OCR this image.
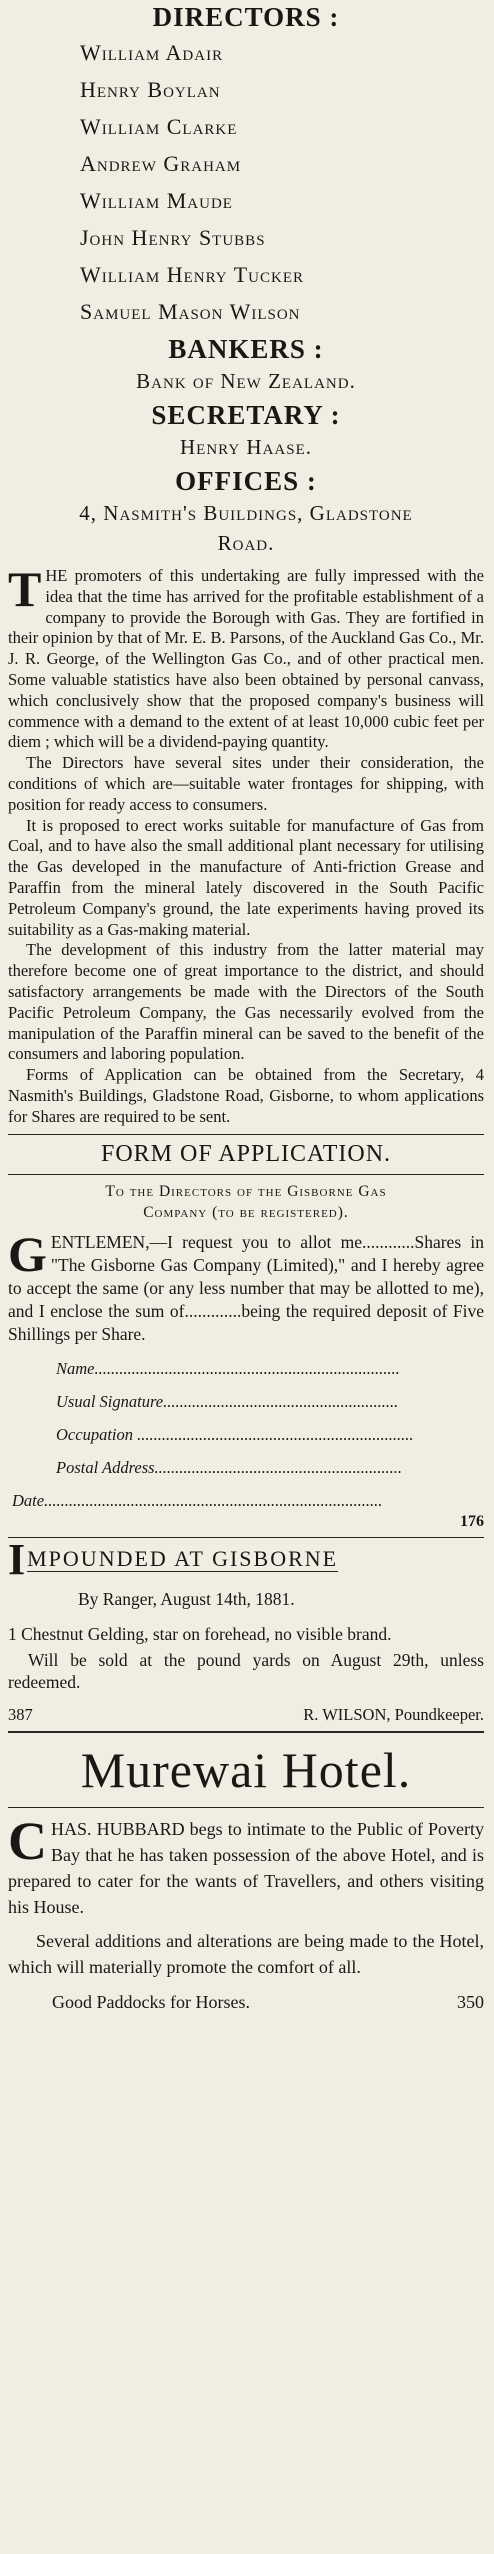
DIRECTORS :
William Adair
Henry Boylan
William Clarke
Andrew Graham
William Maude
John Henry Stubbs
William Henry Tucker
Samuel Mason Wilson
BANKERS :
Bank of New Zealand.
SECRETARY :
Henry Haase.
OFFICES :
4, Nasmith's Buildings, Gladstone
Road.

THE promoters of this undertaking are fully impressed with the idea that the time has arrived for the profitable establishment of a company to provide the Borough with Gas. They are fortified in their opinion by that of Mr. E. B. Parsons, of the Auckland Gas Co., Mr. J. R. George, of the Wellington Gas Co., and of other practical men. Some valuable statistics have also been obtained by personal canvass, which conclusively show that the proposed company's business will commence with a demand to the extent of at least 10,000 cubic feet per diem ; which will be a dividend-paying quantity.

The Directors have several sites under their consideration, the conditions of which are—suitable water frontages for shipping, with position for ready access to consumers.

It is proposed to erect works suitable for manufacture of Gas from Coal, and to have also the small additional plant necessary for utilising the Gas developed in the manufacture of Anti-friction Grease and Paraffin from the mineral lately discovered in the South Pacific Petroleum Company's ground, the late experiments having proved its suitability as a Gas-making material.

The development of this industry from the latter material may therefore become one of great importance to the district, and should satisfactory arrangements be made with the Directors of the South Pacific Petroleum Company, the Gas necessarily evolved from the manipulation of the Paraffin mineral can be saved to the benefit of the consumers and laboring population.

Forms of Application can be obtained from the Secretary, 4 Nasmith's Buildings, Gladstone Road, Gisborne, to whom applications for Shares are required to be sent.

FORM OF APPLICATION.
To the Directors of the Gisborne Gas
Company (to be registered).

GENTLEMEN,—I request you to allot me............Shares in "The Gisborne Gas Company (Limited)," and I hereby agree to accept the same (or any less number that may be allotted to me), and I enclose the sum of.............being the required deposit of Five Shillings per Share.

Name..........................................................................
Usual Signature.........................................................
Occupation ...................................................................
Postal Address............................................................
Date..................................................................................
176
IMPOUNDED AT GISBORNE
By Ranger, August 14th, 1881.

1 Chestnut Gelding, star on forehead, no visible brand.

Will be sold at the pound yards on August 29th, unless redeemed.

387	R. WILSON, Poundkeeper.
Murewai Hotel.

CHAS. HUBBARD begs to intimate to the Public of Poverty Bay that he has taken possession of the above Hotel, and is prepared to cater for the wants of Travellers, and others visiting his House.

Several additions and alterations are being made to the Hotel, which will materially promote the comfort of all.

Good Paddocks for Horses.	350
